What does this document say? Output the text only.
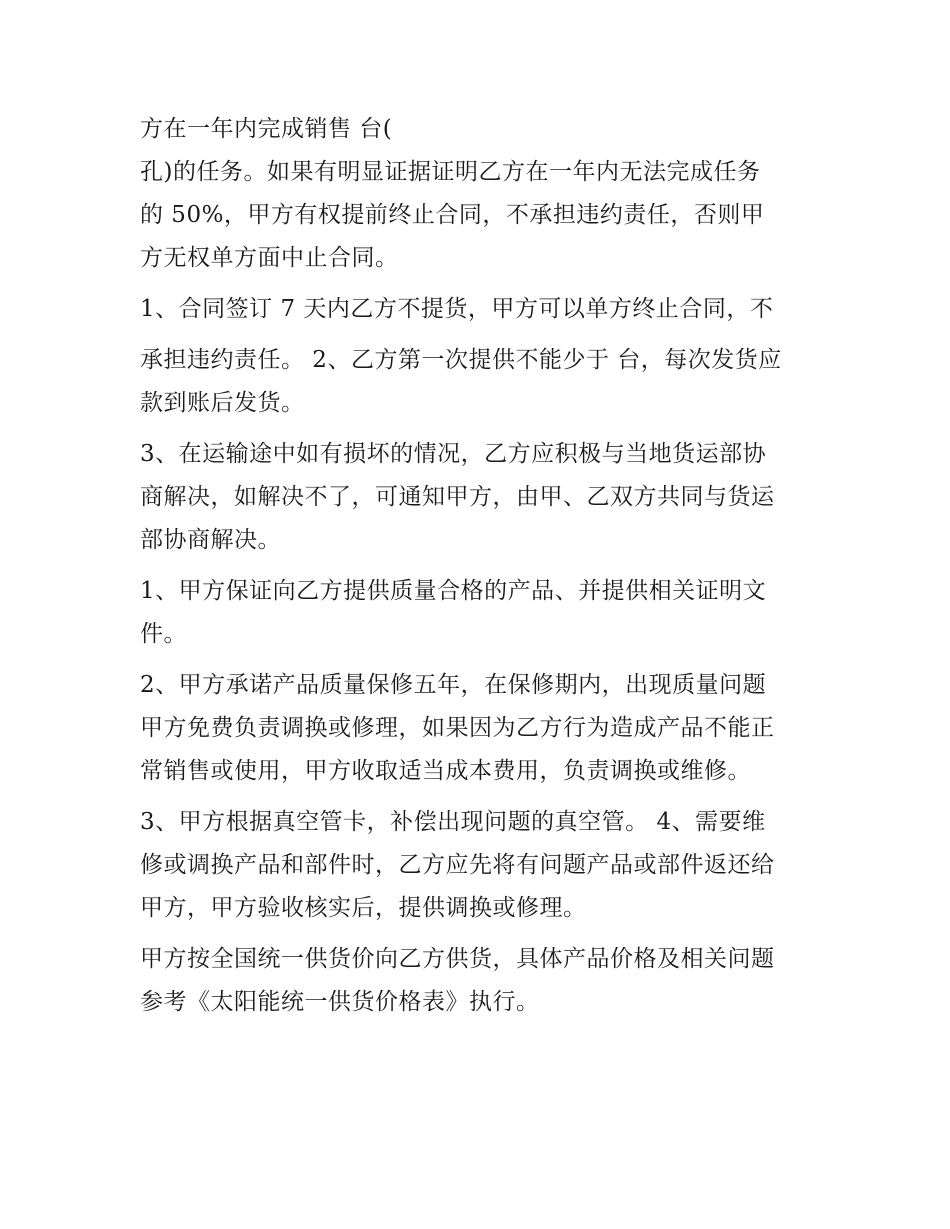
方在一年内完成销售 台(
孔)的任务。如果有明显证据证明乙方在一年内无法完成任务
的 50%，甲方有权提前终止合同，不承担违约责任，否则甲
方无权单方面中止合同。
1、合同签订 7 天内乙方不提货，甲方可以单方终止合同，不
承担违约责任。 2、乙方第一次提供不能少于 台，每次发货应
款到账后发货。
3、在运输途中如有损坏的情况，乙方应积极与当地货运部协
商解决，如解决不了，可通知甲方，由甲、乙双方共同与货运
部协商解决。
1、甲方保证向乙方提供质量合格的产品、并提供相关证明文
件。
2、甲方承诺产品质量保修五年，在保修期内，出现质量问题
甲方免费负责调换或修理，如果因为乙方行为造成产品不能正
常销售或使用，甲方收取适当成本费用，负责调换或维修。
3、甲方根据真空管卡，补偿出现问题的真空管。 4、需要维
修或调换产品和部件时，乙方应先将有问题产品或部件返还给
甲方，甲方验收核实后，提供调换或修理。
甲方按全国统一供货价向乙方供货，具体产品价格及相关问题
参考《太阳能统一供货价格表》执行。
